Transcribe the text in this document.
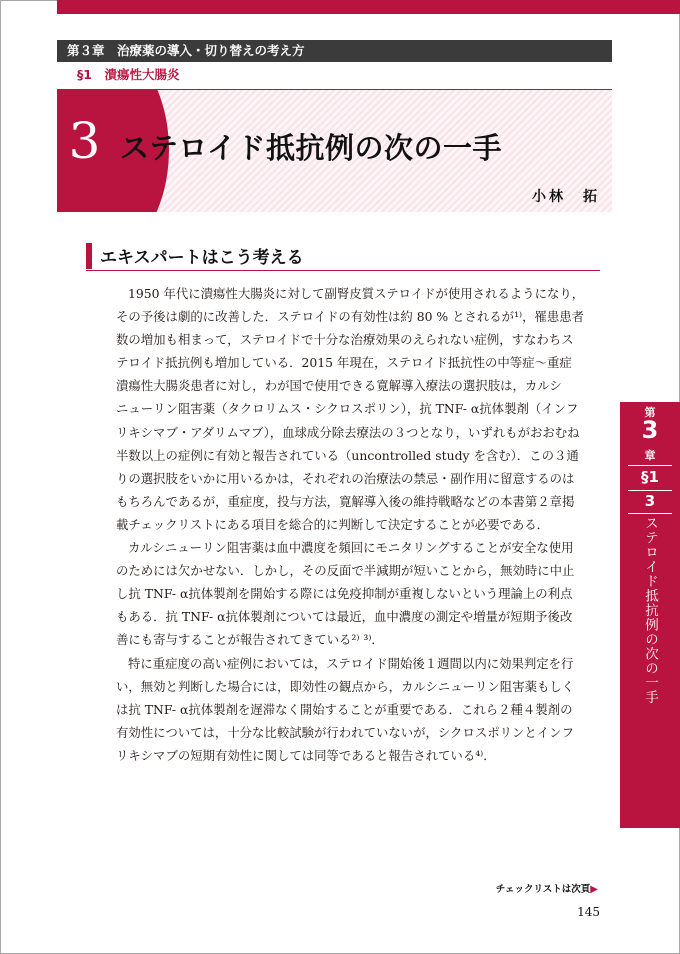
第３章　治療薬の導入・切り替えの考え方
§1　潰瘍性大腸炎
3 ステロイド抵抗例の次の一手
小林　拓
エキスパートはこう考える
1950 年代に潰瘍性大腸炎に対して副腎皮質ステロイドが使用されるようになり，
その予後は劇的に改善した．ステロイドの有効性は約 80 % とされるが¹⁾，罹患患者
数の増加も相まって，ステロイドで十分な治療効果のえられない症例，すなわちス
テロイド抵抗例も増加している．2015 年現在，ステロイド抵抗性の中等症～重症
潰瘍性大腸炎患者に対し，わが国で使用できる寛解導入療法の選択肢は，カルシ
ニューリン阻害薬（タクロリムス・シクロスポリン），抗 TNF- α抗体製剤（インフ
リキシマブ・アダリムマブ），血球成分除去療法の３つとなり，いずれもがおおむね
半数以上の症例に有効と報告されている（uncontrolled study を含む）．この３通
りの選択肢をいかに用いるかは，それぞれの治療法の禁忌・副作用に留意するのは
もちろんであるが，重症度，投与方法，寛解導入後の維持戦略などの本書第２章掲
載チェックリストにある項目を総合的に判断して決定することが必要である．
カルシニューリン阻害薬は血中濃度を頻回にモニタリングすることが安全な使用
のためには欠かせない．しかし，その反面で半減期が短いことから，無効時に中止
し抗 TNF- α抗体製剤を開始する際には免疫抑制が重複しないという理論上の利点
もある．抗 TNF- α抗体製剤については最近，血中濃度の測定や増量が短期予後改
善にも寄与することが報告されてきている²⁾ ³⁾．
特に重症度の高い症例においては，ステロイド開始後１週間以内に効果判定を行
い，無効と判断した場合には，即効性の観点から，カルシニューリン阻害薬もしく
は抗 TNF- α抗体製剤を遅滞なく開始することが重要である．これら２種４製剤の
有効性については，十分な比較試験が行われていないが，シクロスポリンとインフ
リキシマブの短期有効性に関しては同等であると報告されている⁴⁾．
第
3
章
§1
3
ステロイド抵抗例の次の一手
チェックリストは次頁▶
145
